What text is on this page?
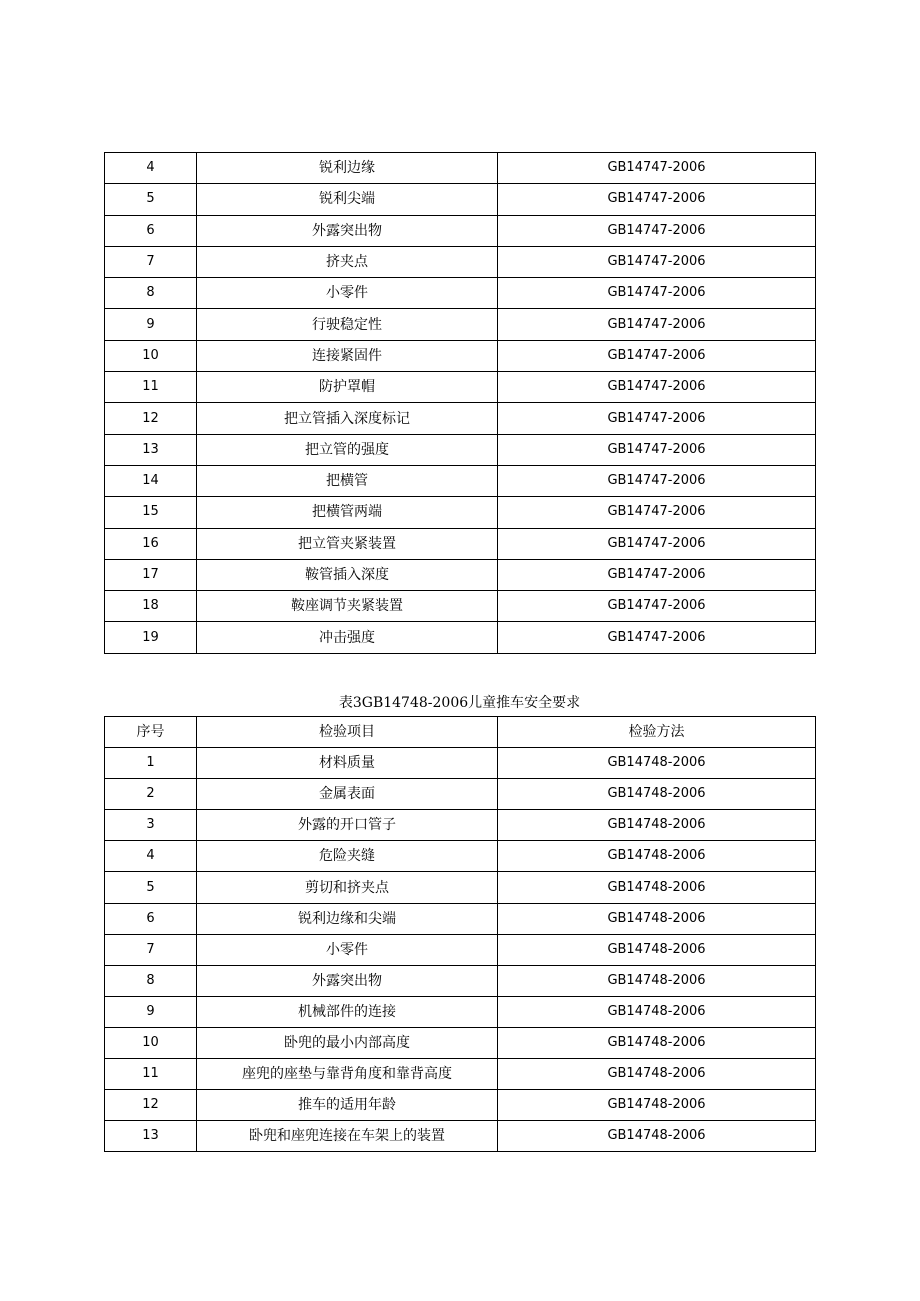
4	锐利边缘	GB14747-2006
5	锐利尖端	GB14747-2006
6	外露突出物	GB14747-2006
7	挤夹点	GB14747-2006
8	小零件	GB14747-2006
9	行驶稳定性	GB14747-2006
10	连接紧固件	GB14747-2006
11	防护罩帽	GB14747-2006
12	把立管插入深度标记	GB14747-2006
13	把立管的强度	GB14747-2006
14	把横管	GB14747-2006
15	把横管两端	GB14747-2006
16	把立管夹紧装置	GB14747-2006
17	鞍管插入深度	GB14747-2006
18	鞍座调节夹紧装置	GB14747-2006
19	冲击强度	GB14747-2006
表3GB14748-2006儿童推车安全要求
序号	检验项目	检验方法
1	材料质量	GB14748-2006
2	金属表面	GB14748-2006
3	外露的开口管子	GB14748-2006
4	危险夹缝	GB14748-2006
5	剪切和挤夹点	GB14748-2006
6	锐利边缘和尖端	GB14748-2006
7	小零件	GB14748-2006
8	外露突出物	GB14748-2006
9	机械部件的连接	GB14748-2006
10	卧兜的最小内部高度	GB14748-2006
11	座兜的座垫与靠背角度和靠背高度	GB14748-2006
12	推车的适用年龄	GB14748-2006
13	卧兜和座兜连接在车架上的装置	GB14748-2006
